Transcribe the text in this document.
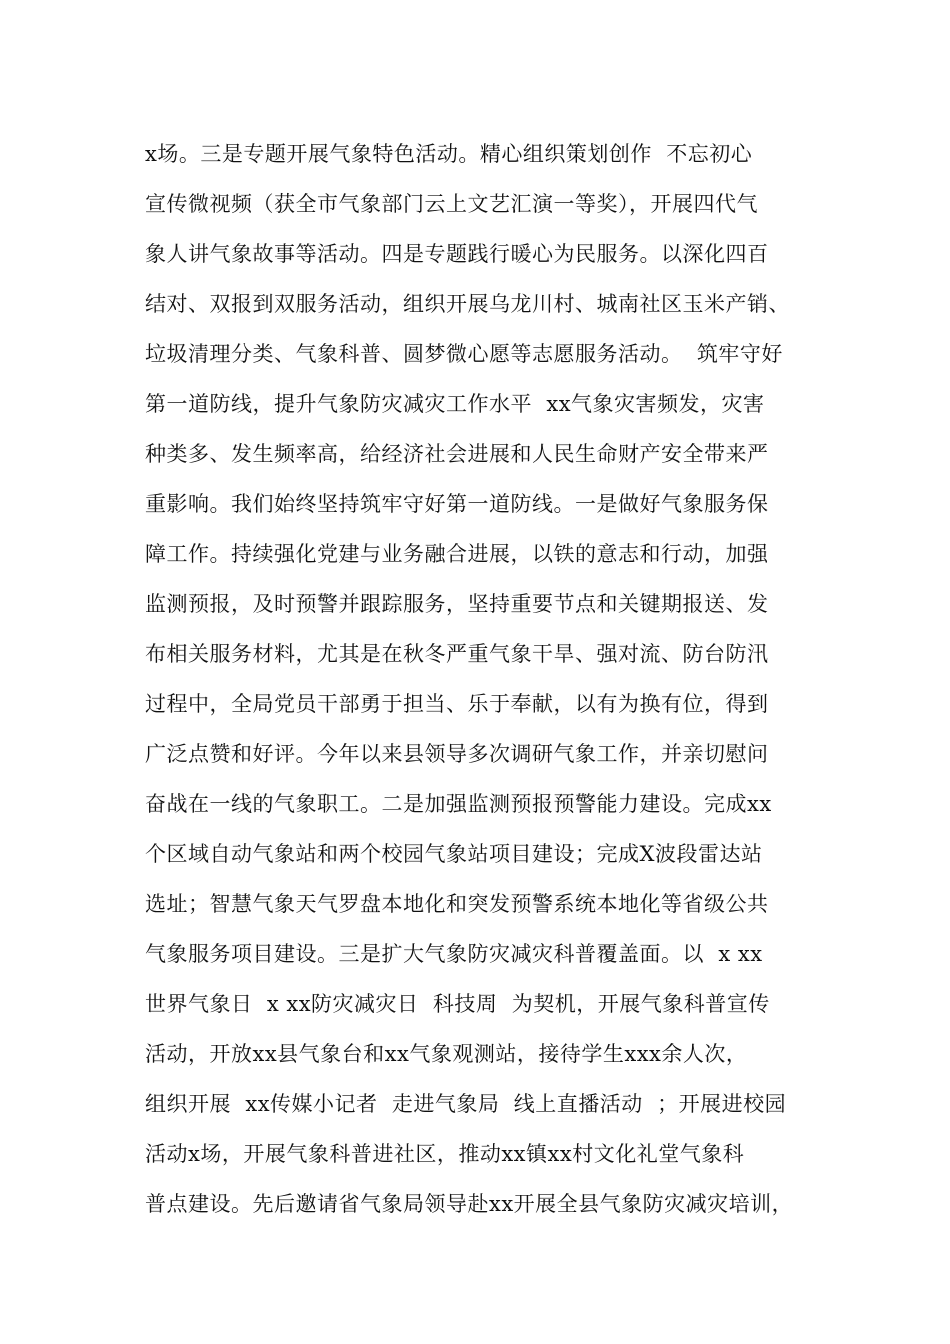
x场。三是专题开展气象特色活动。精心组织策划创作  不忘初心
宣传微视频（获全市气象部门云上文艺汇演一等奖），开展四代气
象人讲气象故事等活动。四是专题践行暖心为民服务。以深化四百
结对、双报到双服务活动，组织开展乌龙川村、城南社区玉米产销、
垃圾清理分类、气象科普、圆梦微心愿等志愿服务活动。  筑牢守好
第一道防线，提升气象防灾减灾工作水平  xx气象灾害频发，灾害
种类多、发生频率高，给经济社会进展和人民生命财产安全带来严
重影响。我们始终坚持筑牢守好第一道防线。一是做好气象服务保
障工作。持续强化党建与业务融合进展，以铁的意志和行动，加强
监测预报，及时预警并跟踪服务，坚持重要节点和关键期报送、发
布相关服务材料，尤其是在秋冬严重气象干旱、强对流、防台防汛
过程中，全局党员干部勇于担当、乐于奉献，以有为换有位，得到
广泛点赞和好评。今年以来县领导多次调研气象工作，并亲切慰问
奋战在一线的气象职工。二是加强监测预报预警能力建设。完成xx
个区域自动气象站和两个校园气象站项目建设；完成X波段雷达站
选址；智慧气象天气罗盘本地化和突发预警系统本地化等省级公共
气象服务项目建设。三是扩大气象防灾减灾科普覆盖面。以  x xx
世界气象日  x xx防灾减灾日  科技周  为契机，开展气象科普宣传
活动，开放xx县气象台和xx气象观测站，接待学生xxx余人次，
组织开展  xx传媒小记者  走进气象局  线上直播活动  ；开展进校园
活动x场，开展气象科普进社区，推动xx镇xx村文化礼堂气象科
普点建设。先后邀请省气象局领导赴xx开展全县气象防灾减灾培训，
